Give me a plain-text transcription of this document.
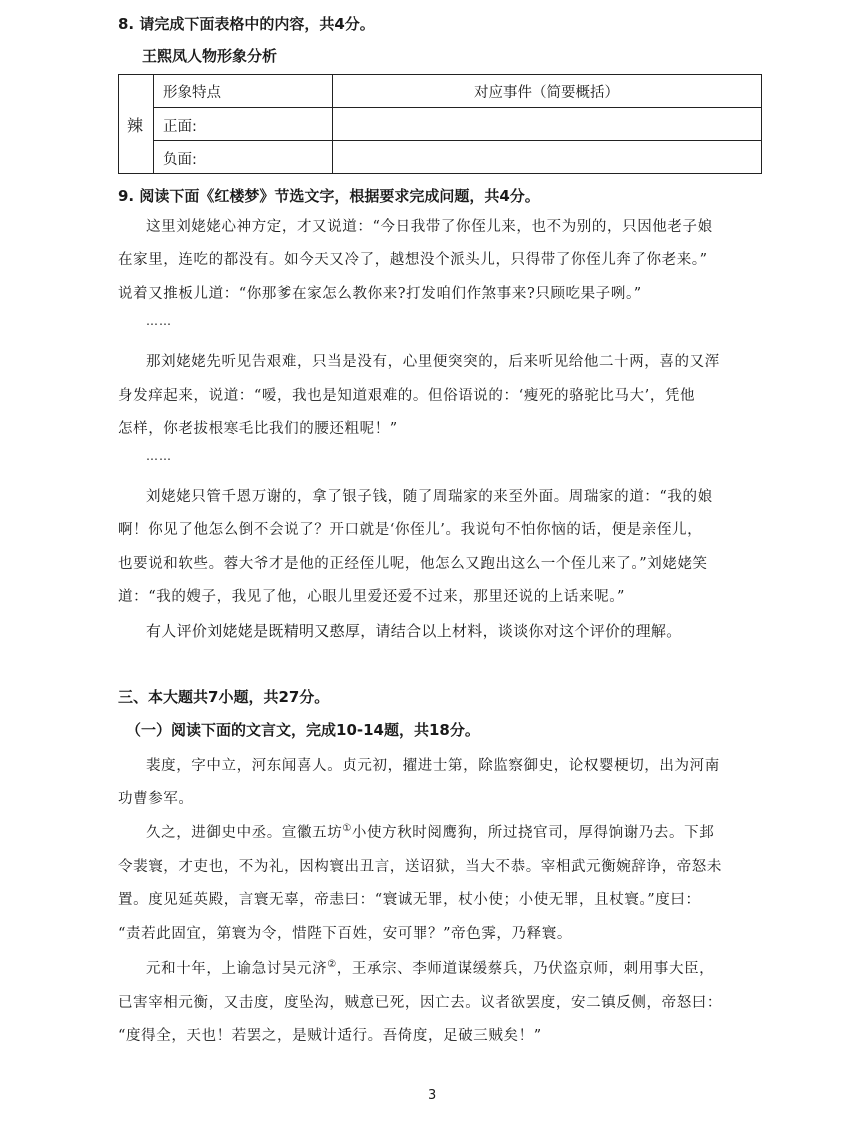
8. 请完成下面表格中的内容，共4分。
王熙凤人物形象分析
辣
形象特点	对应事件（简要概括）
正面:
负面:
9. 阅读下面《红楼梦》节选文字，根据要求完成问题，共4分。
这里刘姥姥心神方定，才又说道：“今日我带了你侄儿来，也不为别的，只因他老子娘
在家里，连吃的都没有。如今天又冷了，越想没个派头儿，只得带了你侄儿奔了你老来。”
说着又推板儿道：“你那爹在家怎么教你来?打发咱们作煞事来?只顾吃果子咧。”
……
那刘姥姥先听见告艰难，只当是没有，心里便突突的，后来听见给他二十两，喜的又浑
身发痒起来，说道：“嗳，我也是知道艰难的。但俗语说的：‘瘦死的骆驼比马大’，凭他
怎样，你老拔根寒毛比我们的腰还粗呢！”
……
刘姥姥只管千恩万谢的，拿了银子钱，随了周瑞家的来至外面。周瑞家的道：“我的娘
啊！你见了他怎么倒不会说了？开口就是‘你侄儿’。我说句不怕你恼的话，便是亲侄儿，
也要说和软些。蓉大爷才是他的正经侄儿呢，他怎么又跑出这么一个侄儿来了。”刘姥姥笑
道：“我的嫂子，我见了他，心眼儿里爱还爱不过来，那里还说的上话来呢。”
有人评价刘姥姥是既精明又憨厚，请结合以上材料，谈谈你对这个评价的理解。
三、本大题共7小题，共27分。
（一）阅读下面的文言文，完成10-14题，共18分。
裴度，字中立，河东闻喜人。贞元初，擢进士第，除监察御史，论权婴梗切，出为河南
功曹参军。
久之，进御史中丞。宣徽五坊①小使方秋时阅鹰狗，所过挠官司，厚得饷谢乃去。下邽
令裴寰，才吏也，不为礼，因构寰出丑言，送诏狱，当大不恭。宰相武元衡婉辞诤，帝怒未
置。度见延英殿，言寰无辜，帝恚曰：“寰诚无罪，杖小使；小使无罪，且杖寰。”度曰：
“责若此固宜，第寰为令，惜陛下百姓，安可罪？”帝色霁，乃释寰。
元和十年，上谕急讨吴元济②，王承宗、李师道谋缓蔡兵，乃伏盗京师，刺用事大臣，
已害宰相元衡，又击度，度坠沟，贼意已死，因亡去。议者欲罢度，安二镇反侧，帝怒曰：
“度得全，天也！若罢之，是贼计适行。吾倚度，足破三贼矣！”
3
